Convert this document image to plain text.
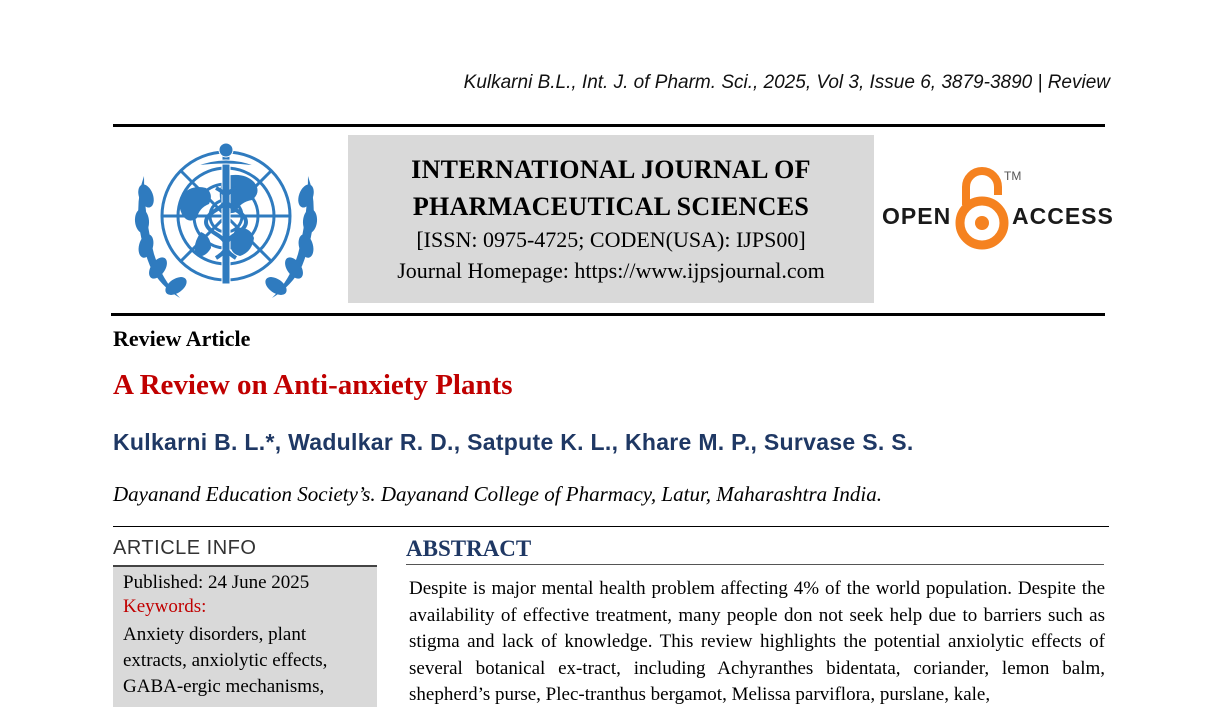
Kulkarni B.L., Int. J. of Pharm. Sci., 2025, Vol 3, Issue 6, 3879-3890 | Review
INTERNATIONAL JOURNAL OF
PHARMACEUTICAL SCIENCES
[ISSN: 0975-4725; CODEN(USA): IJPS00]
Journal Homepage: https://www.ijpsjournal.com
OPEN
TM
ACCESS
Review Article
A Review on Anti-anxiety Plants
Kulkarni B. L.*, Wadulkar R. D., Satpute K. L., Khare M. P., Survase S. S.
Dayanand Education Society’s. Dayanand College of Pharmacy, Latur, Maharashtra India.
ARTICLE INFO
Published: 24 June 2025
Keywords:
Anxiety disorders, plant extracts, anxiolytic effects, GABA-ergic mechanisms,
ABSTRACT
Despite is major mental health problem affecting 4% of the world population. Despite the availability of effective treatment, many people don not seek help due to barriers such as stigma and lack of knowledge. This review highlights the potential anxiolytic effects of several botanical ex-tract, including Achyranthes bidentata, coriander, lemon balm, shepherd’s purse, Plec-tranthus bergamot, Melissa parviflora, purslane, kale,
